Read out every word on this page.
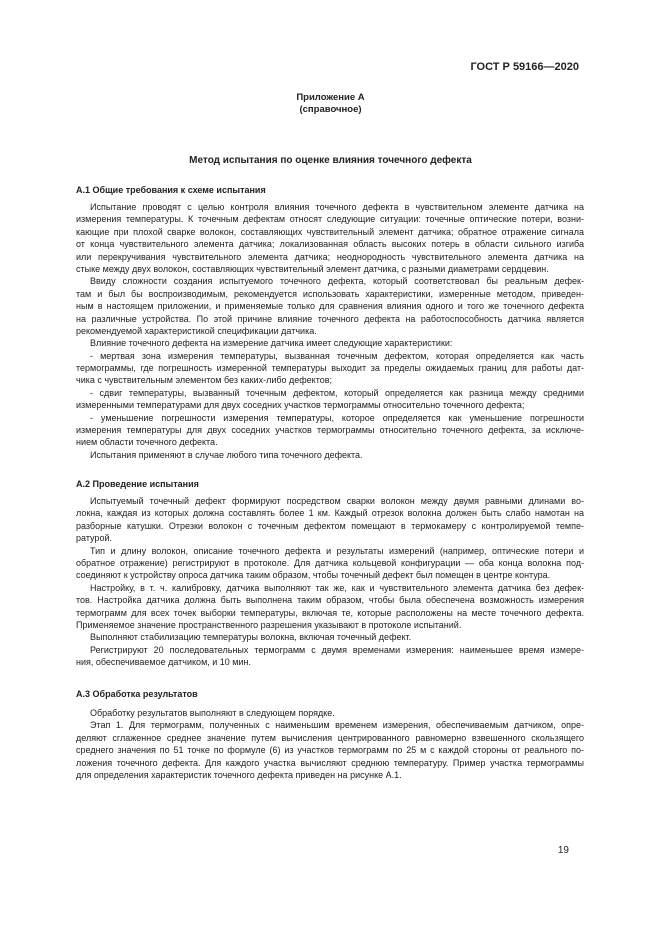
ГОСТ Р 59166—2020
Приложение А
(справочное)
Метод испытания по оценке влияния точечного дефекта
А.1 Общие требования к схеме испытания
Испытание проводят с целью контроля влияния точечного дефекта в чувствительном элементе датчика на
измерения температуры. К точечным дефектам относят следующие ситуации: точечные оптические потери, возни-
кающие при плохой сварке волокон, составляющих чувствительный элемент датчика; обратное отражение сигнала
от конца чувствительного элемента датчика; локализованная область высоких потерь в области сильного изгиба
или перекручивания чувствительного элемента датчика; неоднородность чувствительного элемента датчика на
стыке между двух волокон, составляющих чувствительный элемент датчика, с разными диаметрами сердцевин.
Ввиду сложности создания испытуемого точечного дефекта, который соответствовал бы реальным дефек-
там и был бы воспроизводимым, рекомендуется использовать характеристики, измеренные методом, приведен-
ным в настоящем приложении, и применяемые только для сравнения влияния одного и того же точечного дефекта
на различные устройства. По этой причине влияние точечного дефекта на работоспособность датчика является
рекомендуемой характеристикой спецификации датчика.
Влияние точечного дефекта на измерение датчика имеет следующие характеристики:
- мертвая зона измерения температуры, вызванная точечным дефектом, которая определяется как часть
термограммы, где погрешность измеренной температуры выходит за пределы ожидаемых границ для работы дат-
чика с чувствительным элементом без каких-либо дефектов;
- сдвиг температуры, вызванный точечным дефектом, который определяется как разница между средними
измеренными температурами для двух соседних участков термограммы относительно точечного дефекта;
- уменьшение погрешности измерения температуры, которое определяется как уменьшение погрешности
измерения температуры для двух соседних участков термограммы относительно точечного дефекта, за исключе-
нием области точечного дефекта.
Испытания применяют в случае любого типа точечного дефекта.
А.2 Проведение испытания
Испытуемый точечный дефект формируют посредством сварки волокон между двумя равными длинами во-
локна, каждая из которых должна составлять более 1 км. Каждый отрезок волокна должен быть слабо намотан на
разборные катушки. Отрезки волокон с точечным дефектом помещают в термокамеру с контролируемой темпе-
ратурой.
Тип и длину волокон, описание точечного дефекта и результаты измерений (например, оптические потери и
обратное отражение) регистрируют в протоколе. Для датчика кольцевой конфигурации — оба конца волокна под-
соединяют к устройству опроса датчика таким образом, чтобы точечный дефект был помещен в центре контура.
Настройку, в т. ч. калибровку, датчика выполняют так же, как и чувствительного элемента датчика без дефек-
тов. Настройка датчика должна быть выполнена таким образом, чтобы была обеспечена возможность измерения
термограмм для всех точек выборки температуры, включая те, которые расположены на месте точечного дефекта.
Применяемое значение пространственного разрешения указывают в протоколе испытаний.
Выполняют стабилизацию температуры волокна, включая точечный дефект.
Регистрируют 20 последовательных термограмм с двумя временами измерения: наименьшее время измере-
ния, обеспечиваемое датчиком, и 10 мин.
А.3 Обработка результатов
Обработку результатов выполняют в следующем порядке.
Этап 1. Для термограмм, полученных с наименьшим временем измерения, обеспечиваемым датчиком, опре-
деляют сглаженное среднее значение путем вычисления центрированного равномерно взвешенного скользящего
среднего значения по 51 точке по формуле (6) из участков термограмм по 25 м с каждой стороны от реального по-
ложения точечного дефекта. Для каждого участка вычисляют среднюю температуру. Пример участка термограммы
для определения характеристик точечного дефекта приведен на рисунке А.1.
19
